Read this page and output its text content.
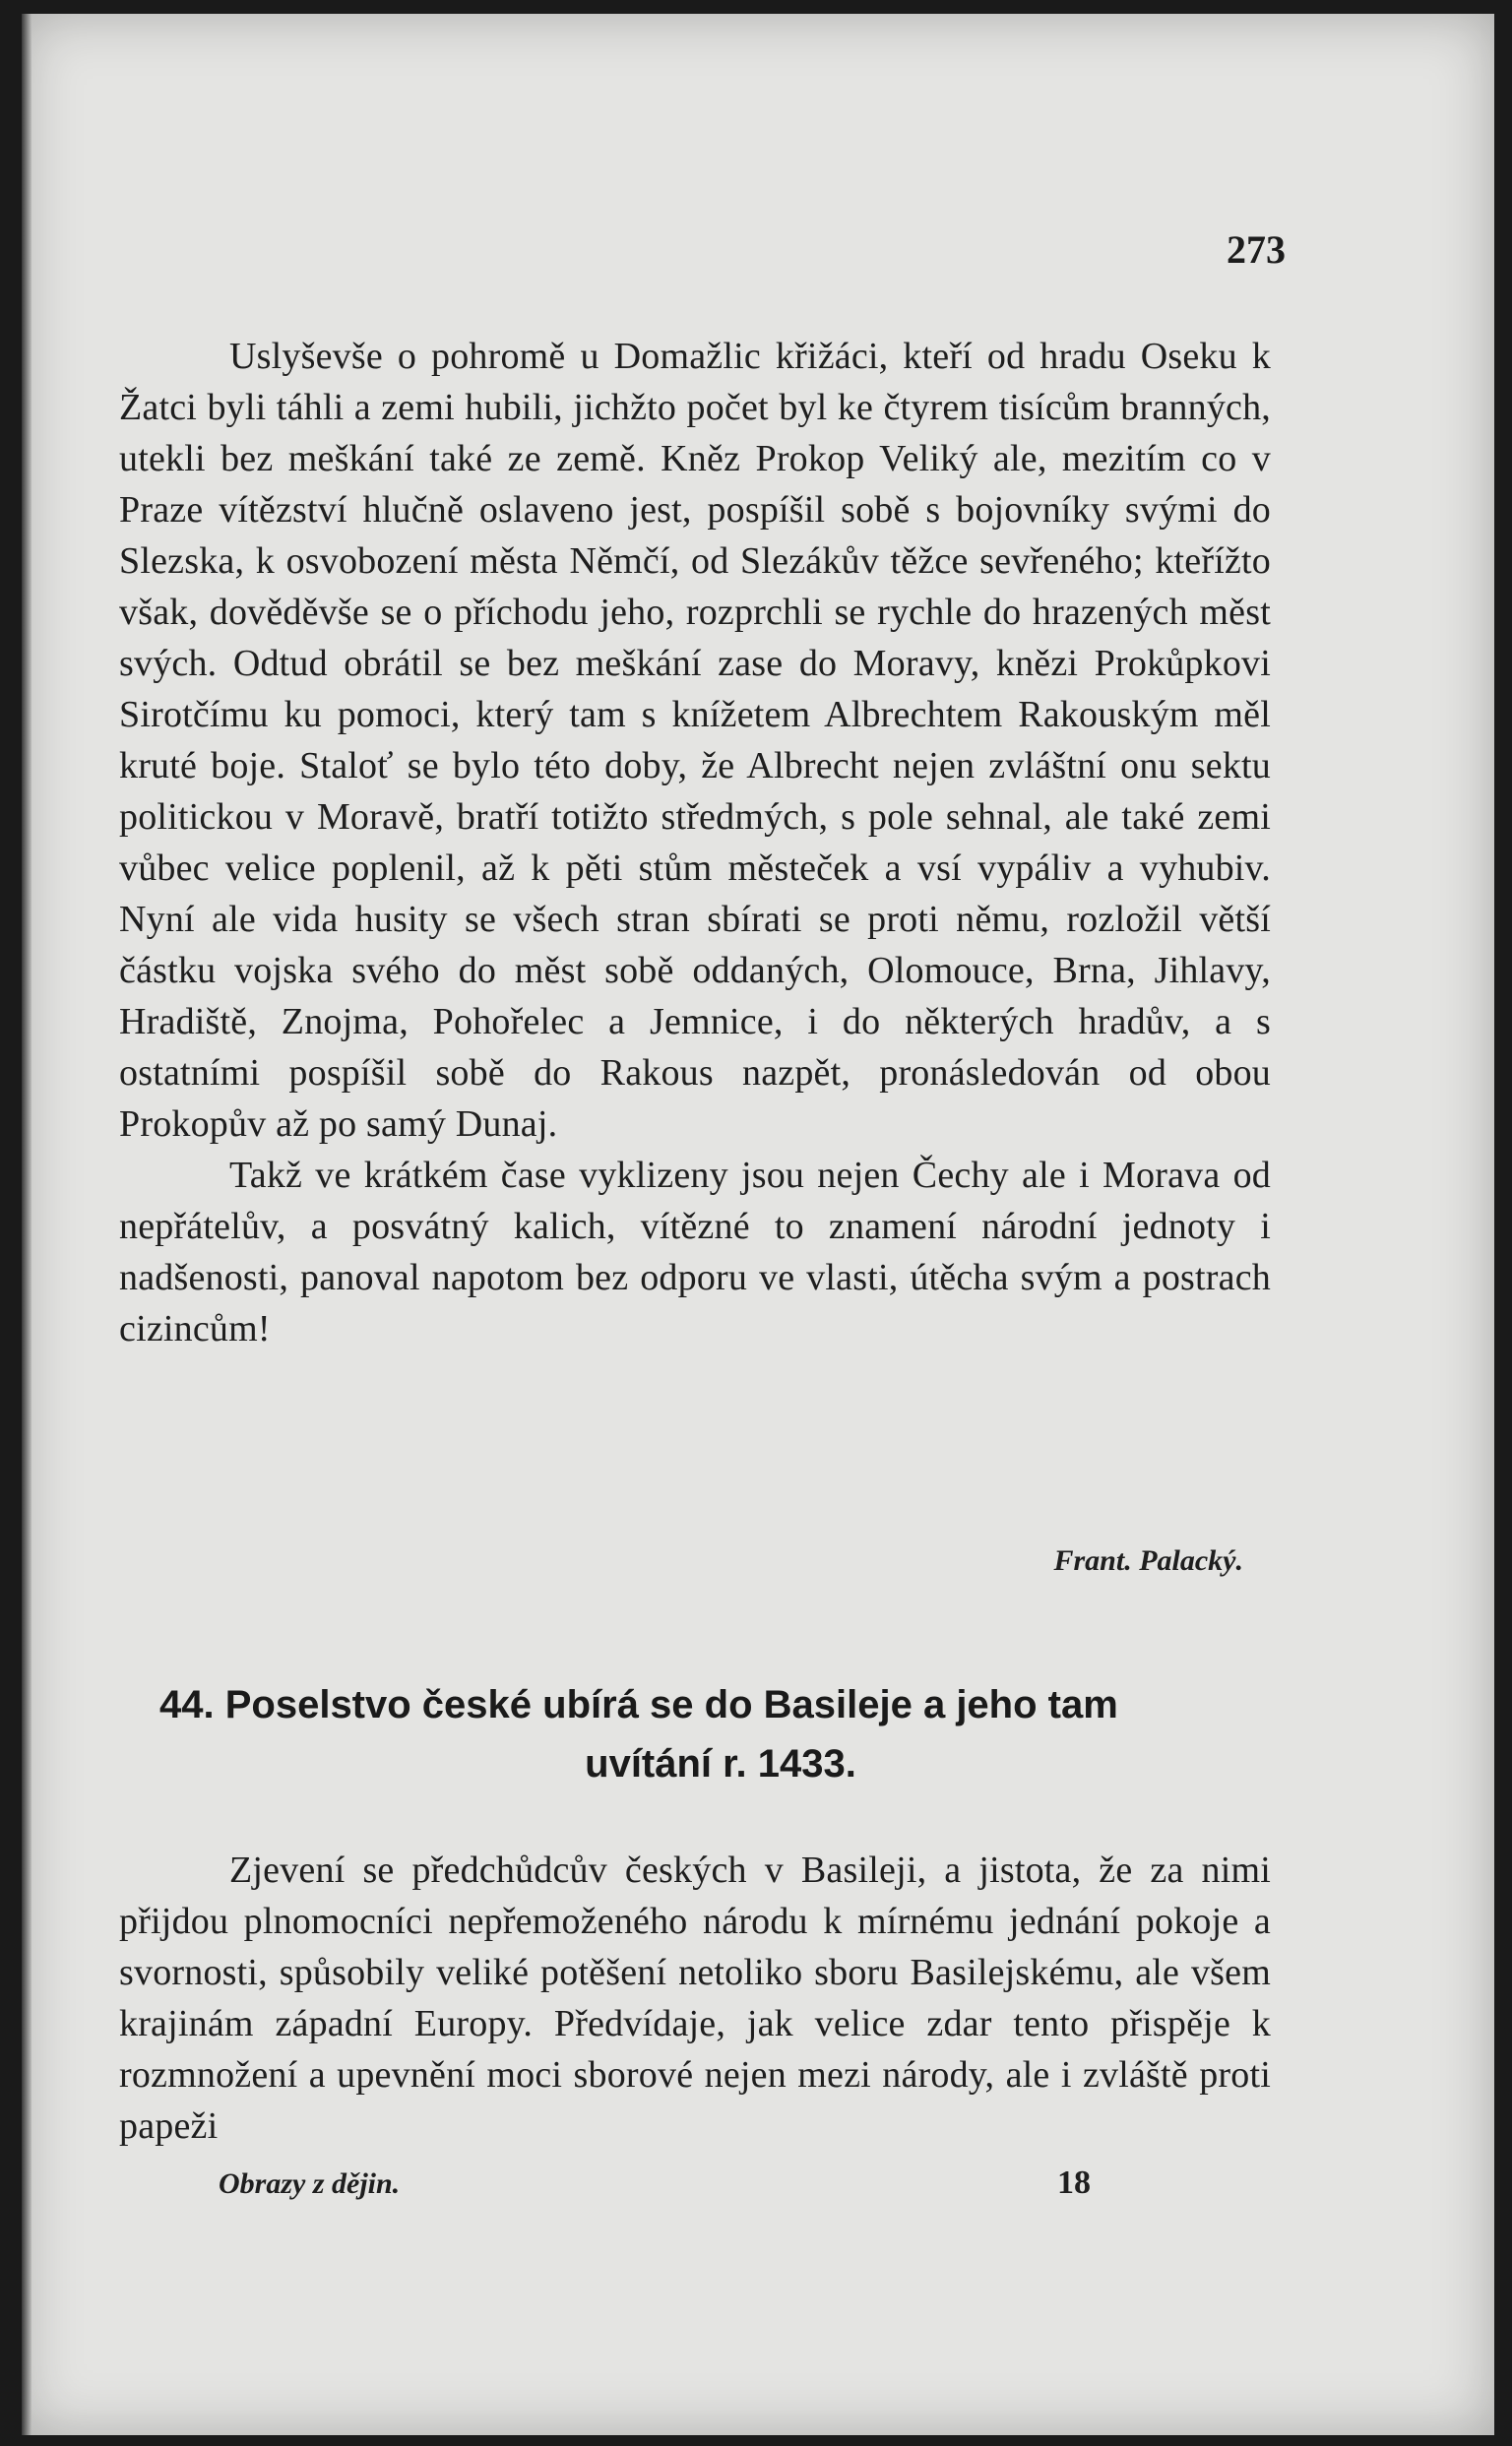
273

Uslyševše o pohromě u Domažlic křižáci, kteří od hradu Oseku k Žatci byli táhli a zemi hubili, jichžto počet byl ke čtyrem tisícům branných, utekli bez meškání také ze země. Kněz Prokop Veliký ale, mezitím co v Praze vítězství hlučně oslaveno jest, pospíšil sobě s bojovníky svými do Slezska, k osvobození města Němčí, od Slezákův těžce sevřeného; kteřížto však, dověděvše se o příchodu jeho, rozprchli se rychle do hrazených měst svých. Odtud obrátil se bez meškání zase do Moravy, knězi Prokůpkovi Sirotčímu ku pomoci, který tam s knížetem Albrechtem Rakouským měl kruté boje. Staloť se bylo této doby, že Albrecht nejen zvláštní onu sektu politickou v Moravě, bratří totižto středmých, s pole sehnal, ale také zemi vůbec velice poplenil, až k pěti stům městeček a vsí vypáliv a vyhubiv. Nyní ale vida husity se všech stran sbírati se proti němu, rozložil větší částku vojska svého do měst sobě oddaných, Olomouce, Brna, Jihlavy, Hradiště, Znojma, Pohořelec a Jemnice, i do některých hradův, a s ostatními pospíšil sobě do Rakous nazpět, pronásledován od obou Prokopův až po samý Dunaj.

Takž ve krátkém čase vyklizeny jsou nejen Čechy ale i Morava od nepřátelův, a posvátný kalich, vítězné to znamení národní jednoty i nadšenosti, panoval napotom bez odporu ve vlasti, útěcha svým a postrach cizincům!

Frant. Palacký.
44. Poselstvo české ubírá se do Basileje a jeho tam
uvítání r. 1433.

Zjevení se předchůdcův českých v Basileji, a jistota, že za nimi přijdou plnomocníci nepřemoženého národu k mírnému jednání pokoje a svornosti, spůsobily veliké potěšení netoliko sboru Basilejskému, ale všem krajinám západní Europy. Předvídaje, jak velice zdar tento přispěje k rozmnožení a upevnění moci sborové nejen mezi národy, ale i zvláště proti papeži

Obrazy z dějin.	18
